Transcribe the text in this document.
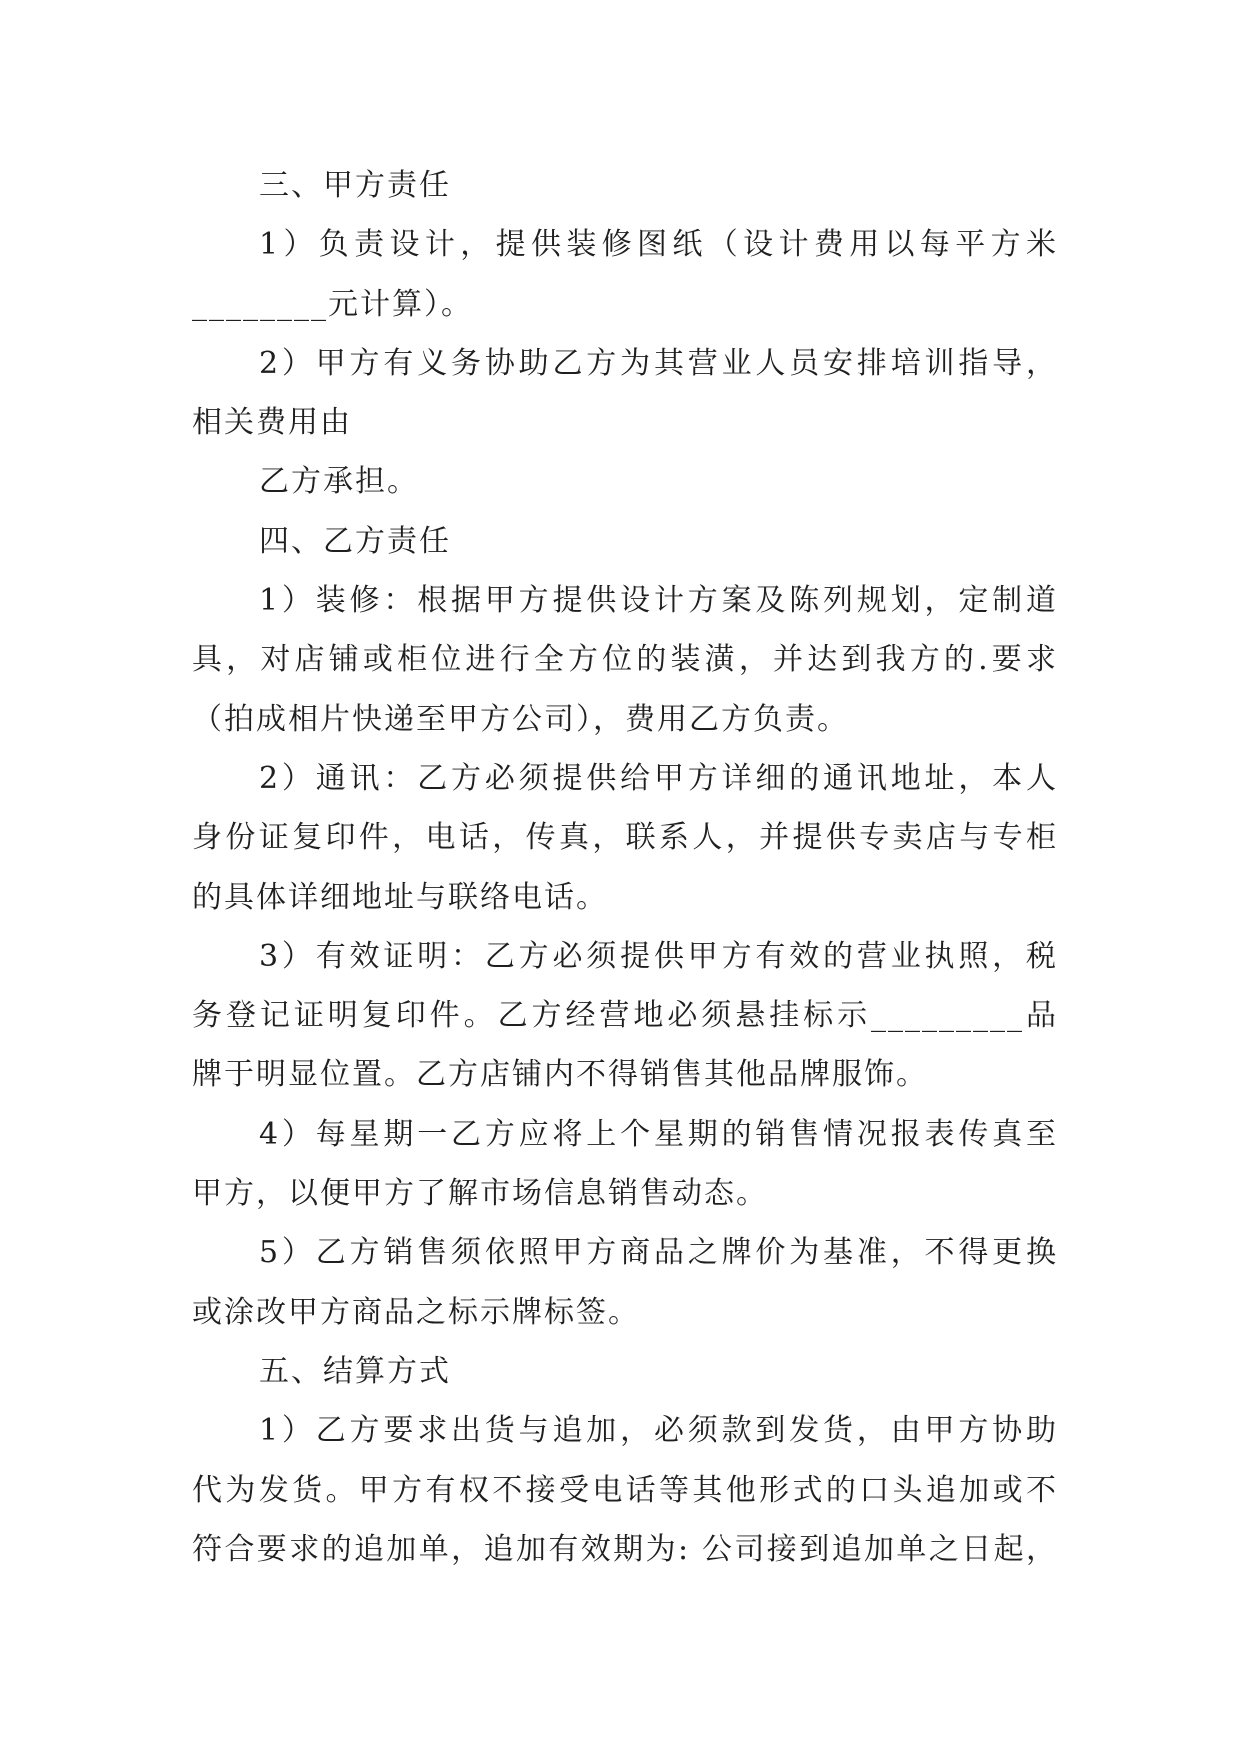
三、甲方责任
1）负责设计，提供装修图纸（设计费用以每平方米
________元计算）。
2）甲方有义务协助乙方为其营业人员安排培训指导，
相关费用由
乙方承担。
四、乙方责任
1）装修：根据甲方提供设计方案及陈列规划，定制道
具，对店铺或柜位进行全方位的装潢，并达到我方的.要求
（拍成相片快递至甲方公司），费用乙方负责。
2）通讯：乙方必须提供给甲方详细的通讯地址，本人
身份证复印件，电话，传真，联系人，并提供专卖店与专柜
的具体详细地址与联络电话。
3）有效证明：乙方必须提供甲方有效的营业执照，税
务登记证明复印件。乙方经营地必须悬挂标示_________品
牌于明显位置。乙方店铺内不得销售其他品牌服饰。
4）每星期一乙方应将上个星期的销售情况报表传真至
甲方，以便甲方了解市场信息销售动态。
5）乙方销售须依照甲方商品之牌价为基准，不得更换
或涂改甲方商品之标示牌标签。
五、结算方式
1）乙方要求出货与追加，必须款到发货，由甲方协助
代为发货。甲方有权不接受电话等其他形式的口头追加或不
符合要求的追加单，追加有效期为: 公司接到追加单之日起，
